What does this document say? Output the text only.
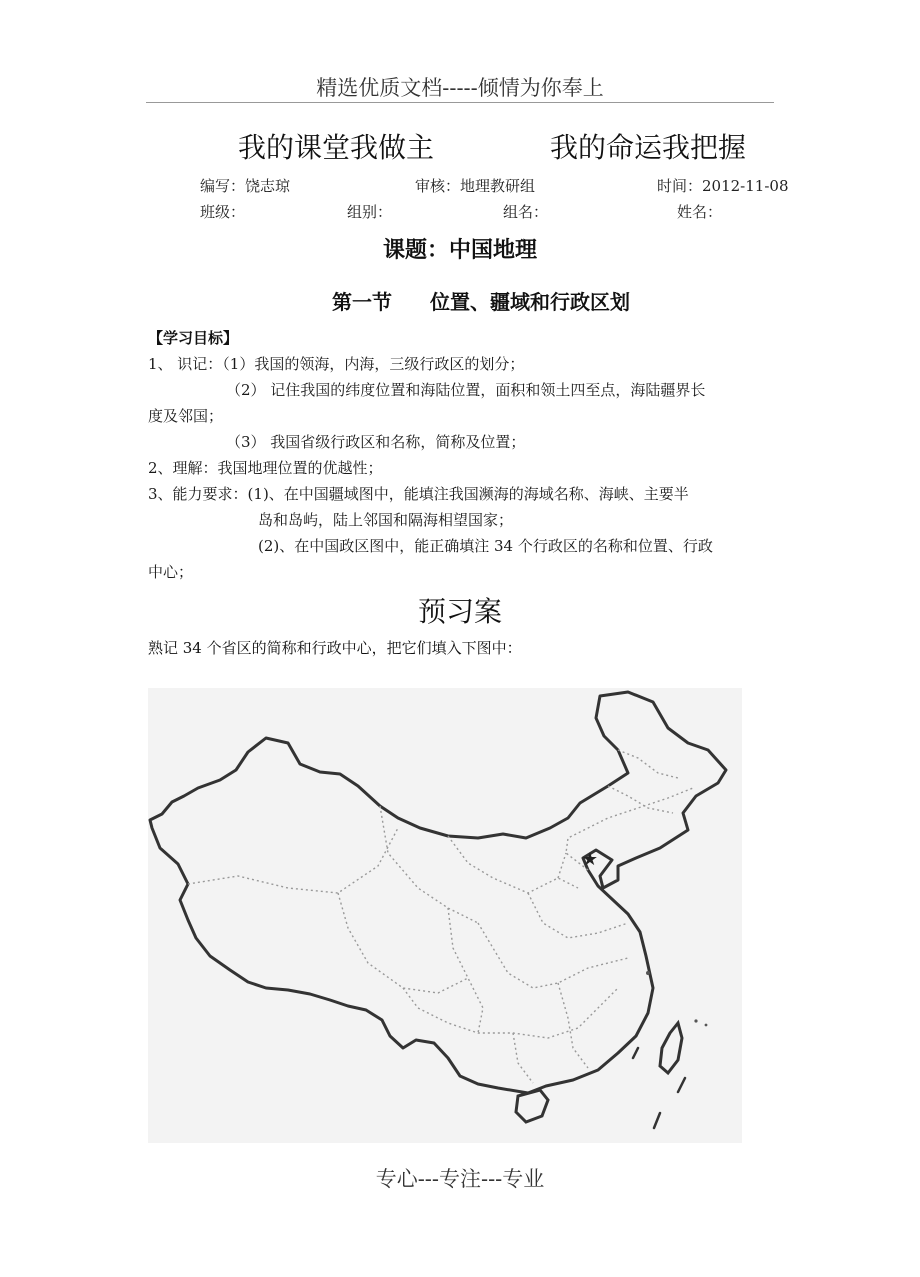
精选优质文档-----倾情为你奉上
我的课堂我做主	我的命运我把握
编写：饶志琼	审核：地理教研组	时间：2012-11-08
班级：	组别：	组名：	姓名：
课题：中国地理
第一节 位置、疆域和行政区划
【学习目标】
1、 识记：（1）我国的领海，内海，三级行政区的划分；
（2） 记住我国的纬度位置和海陆位置，面积和领土四至点，海陆疆界长
度及邻国；
（3） 我国省级行政区和名称，简称及位置；
2、理解：我国地理位置的优越性；
3、能力要求：(1)、在中国疆域图中，能填注我国濒海的海域名称、海峡、主要半
岛和岛屿，陆上邻国和隔海相望国家；
(2)、在中国政区图中，能正确填注 34 个行政区的名称和位置、行政
中心；
预习案
熟记 34 个省区的简称和行政中心，把它们填入下图中：
★
专心---专注---专业
